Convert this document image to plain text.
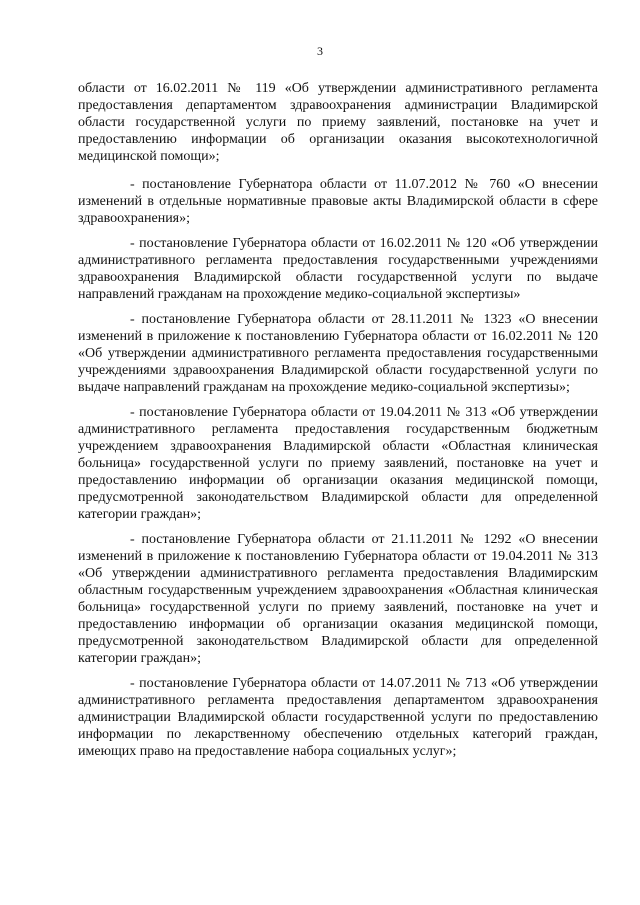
3

области от 16.02.2011 № 119 «Об утверждении административного регламента предоставления департаментом здравоохранения администрации Владимирской области государственной услуги по приему заявлений, постановке на учет и предоставлению информации об организации оказания высокотехнологичной медицинской помощи»;

- постановление Губернатора области от 11.07.2012 № 760 «О внесении изменений в отдельные нормативные правовые акты Владимирской области в сфере здравоохранения»;

- постановление Губернатора области от 16.02.2011 № 120 «Об утверждении административного регламента предоставления государственными учреждениями здравоохранения Владимирской области государственной услуги по выдаче направлений гражданам на прохождение медико-социальной экспертизы»

- постановление Губернатора области от 28.11.2011 № 1323 «О внесении изменений в приложение к постановлению Губернатора области от 16.02.2011 № 120 «Об утверждении административного регламента предоставления государственными учреждениями здравоохранения Владимирской области государственной услуги по выдаче направлений гражданам на прохождение медико-социальной экспертизы»;

- постановление Губернатора области от 19.04.2011 № 313 «Об утверждении административного регламента предоставления государственным бюджетным учреждением здравоохранения Владимирской области «Областная клиническая больница» государственной услуги по приему заявлений, постановке на учет и предоставлению информации об организации оказания медицинской помощи, предусмотренной законодательством Владимирской области для определенной категории граждан»;

- постановление Губернатора области от 21.11.2011 № 1292 «О внесении изменений в приложение к постановлению Губернатора области от 19.04.2011 № 313 «Об утверждении административного регламента предоставления Владимирским областным государственным учреждением здравоохранения «Областная клиническая больница» государственной услуги по приему заявлений, постановке на учет и предоставлению информации об организации оказания медицинской помощи, предусмотренной законодательством Владимирской области для определенной категории граждан»;

- постановление Губернатора области от 14.07.2011 № 713 «Об утверждении административного регламента предоставления департаментом здравоохранения администрации Владимирской области государственной услуги по предоставлению информации по лекарственному обеспечению отдельных категорий граждан, имеющих право на предоставление набора социальных услуг»;
